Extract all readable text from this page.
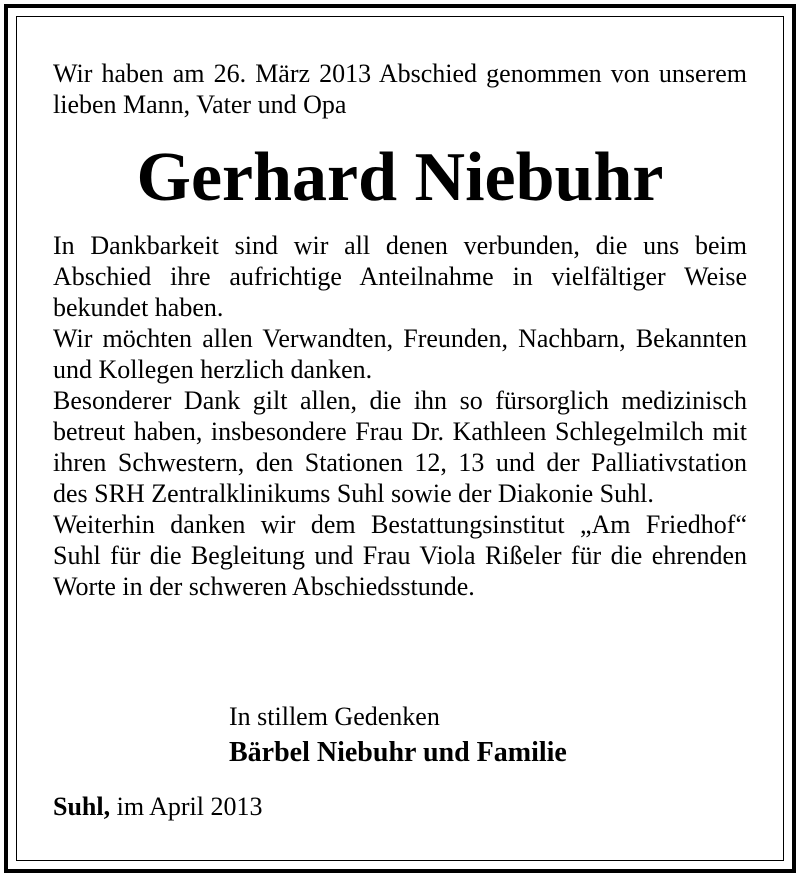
Wir haben am 26. März 2013 Abschied genommen von unserem lieben Mann, Vater und Opa

Gerhard Niebuhr

In Dankbarkeit sind wir all denen verbunden, die uns beim Abschied ihre aufrichtige Anteilnahme in vielfältiger Weise bekundet haben.

Wir möchten allen Verwandten, Freunden, Nachbarn, Bekannten und Kollegen herzlich danken.

Besonderer Dank gilt allen, die ihn so fürsorglich medizinisch betreut haben, insbesondere Frau Dr. Kathleen Schlegelmilch mit ihren Schwestern, den Stationen 12, 13 und der Palliativstation des SRH Zentralklinikums Suhl sowie der Diakonie Suhl.

Weiterhin danken wir dem Bestattungsinstitut „Am Friedhof“ Suhl für die Begleitung und Frau Viola Rißeler für die ehrenden Worte in der schweren Abschiedsstunde.

In stillem Gedenken

Bärbel Niebuhr und Familie

Suhl, im April 2013
